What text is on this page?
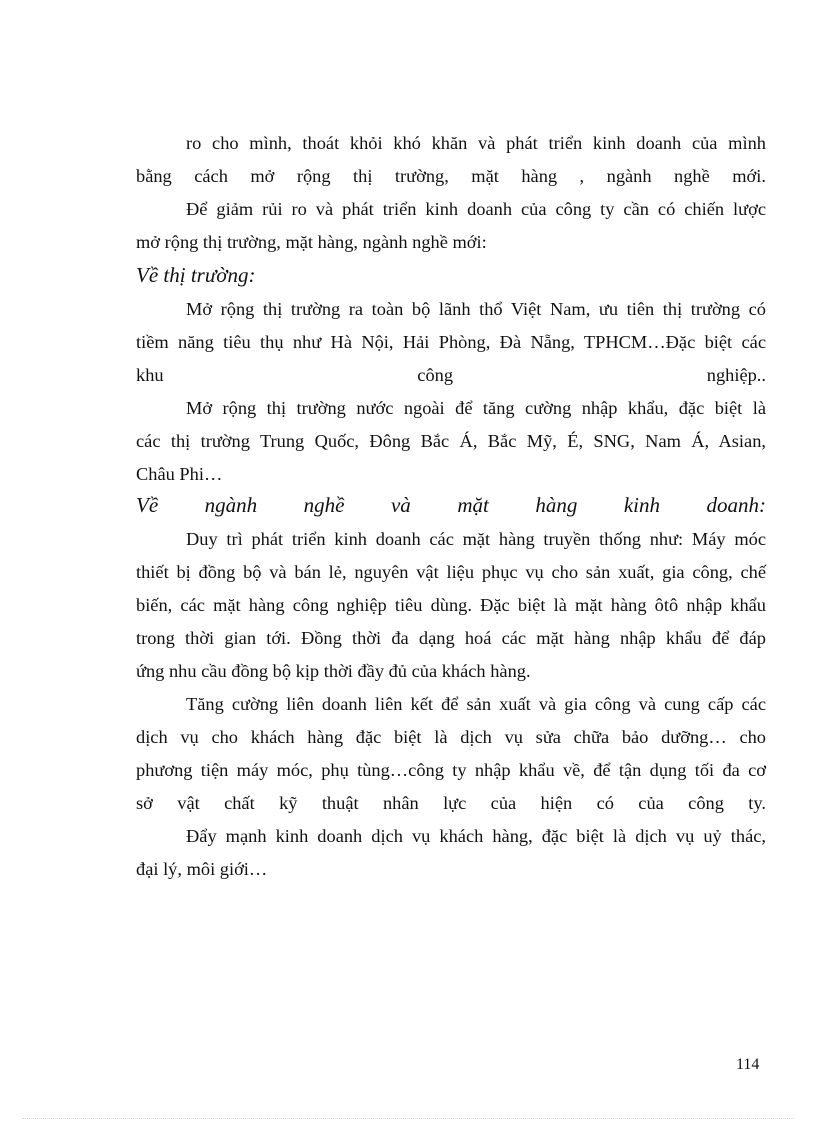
ro cho mình, thoát khỏi khó khăn và phát triển kinh doanh của mình

bằng cách mở rộng thị trường, mặt hàng , ngành nghề mới.

Để giảm rủi ro và phát triển kinh doanh của công ty cần có chiến lược

mở rộng thị trường, mặt hàng, ngành nghề mới:

Về thị trường:

Mở rộng thị trường ra toàn bộ lãnh thổ Việt Nam, ưu tiên thị trường có

tiềm năng tiêu thụ như Hà Nội, Hải Phòng, Đà Nẵng, TPHCM…Đặc biệt các

khu công nghiệp..

Mở rộng thị trường nước ngoài để tăng cường nhập khẩu, đặc biệt là

các thị trường Trung Quốc, Đông Bắc Á, Bắc Mỹ, É, SNG, Nam Á, Asian,

Châu Phi…

Về ngành nghề và mặt hàng kinh doanh:

Duy trì phát triển kinh doanh các mặt hàng truyền thống như: Máy móc

thiết bị đồng bộ và bán lẻ, nguyên vật liệu phục vụ cho sản xuất, gia công, chế

biến, các mặt hàng công nghiệp tiêu dùng. Đặc biệt là mặt hàng ôtô nhập khẩu

trong thời gian tới. Đồng thời đa dạng hoá các mặt hàng nhập khẩu để đáp

ứng nhu cầu đồng bộ kịp thời đầy đủ của khách hàng.

Tăng cường liên doanh liên kết để sản xuất và gia công và cung cấp các

dịch vụ cho khách hàng đặc biệt là dịch vụ sửa chữa bảo dưỡng… cho

phương tiện máy móc, phụ tùng…công ty nhập khẩu về, để tận dụng tối đa cơ

sở vật chất kỹ thuật nhân lực của hiện có của công ty.

Đẩy mạnh kinh doanh dịch vụ khách hàng, đặc biệt là dịch vụ uỷ thác,

đại lý, môi giới…

114
